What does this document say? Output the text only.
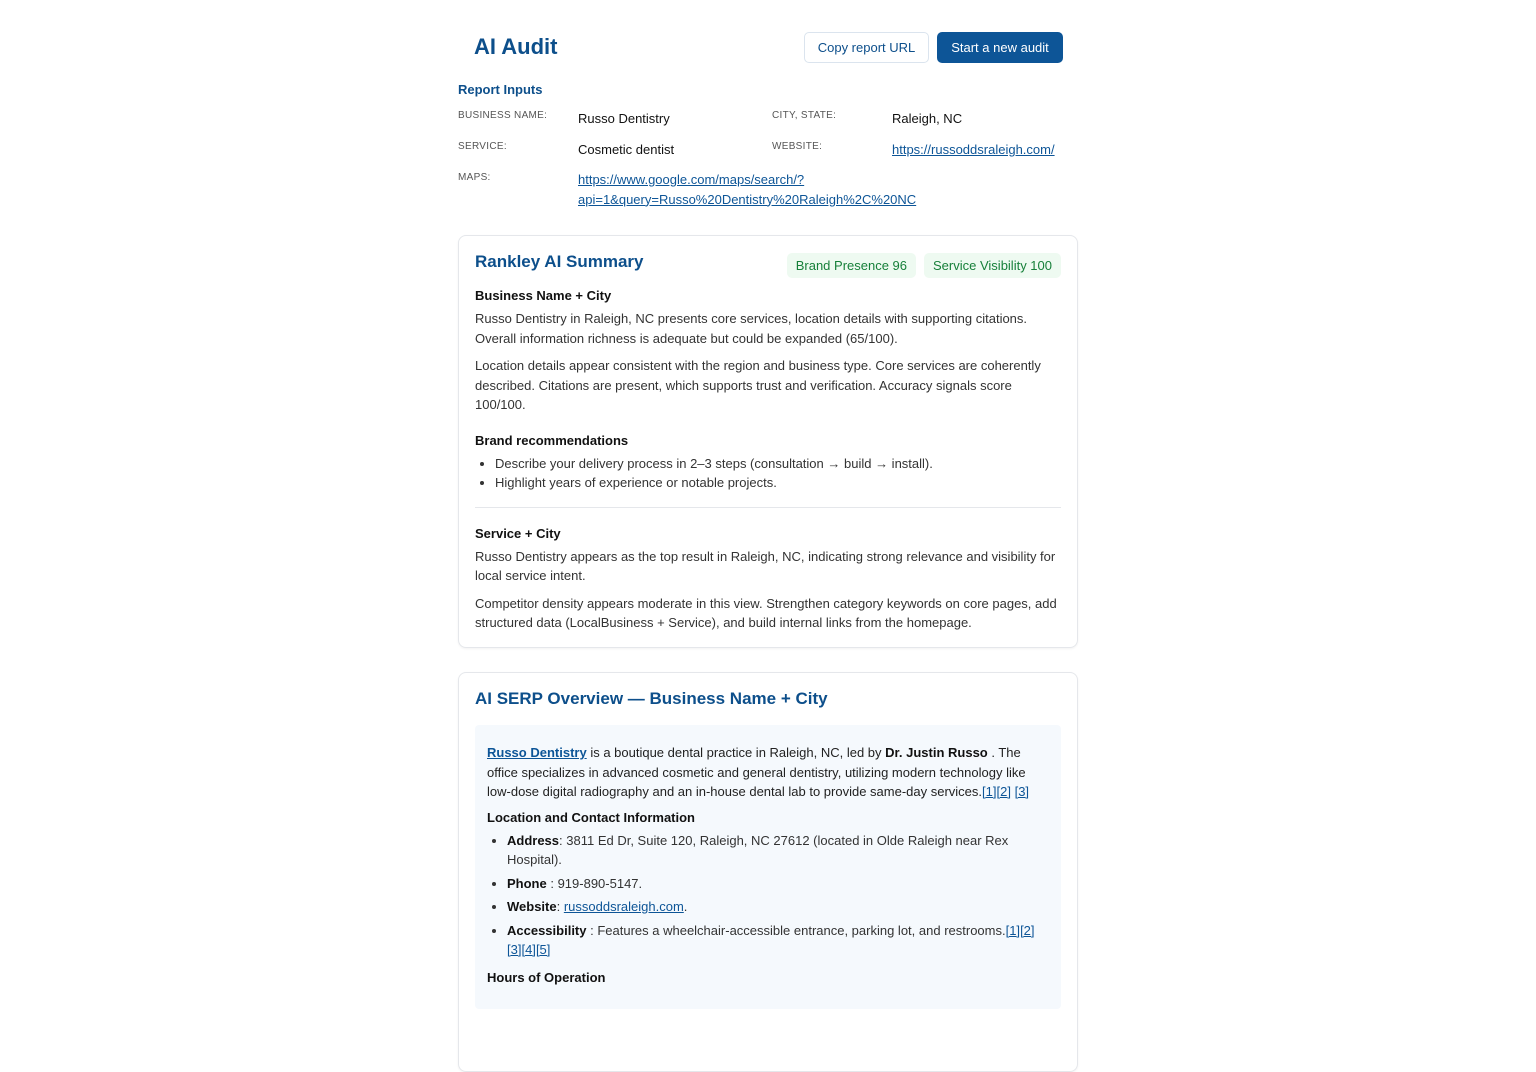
AI Audit	Copy report URL	Start a new audit
Report Inputs
BUSINESS NAME: Russo Dentistry	CITY, STATE:	Raleigh, NC
SERVICE:	Cosmetic dentist	WEBSITE:	https://russoddsraleigh.com/
MAPS:	https://www.google.com/maps/search/?
api=1&query=Russo%20Dentistry%20Raleigh%2C%20NC
Rankley AI Summary	Brand Presence 96	Service Visibility 100
Business Name + City

Russo Dentistry in Raleigh, NC presents core services, location details with supporting citations. Overall information richness is adequate but could be expanded (65/100).

Location details appear consistent with the region and business type. Core services are coherently described. Citations are present, which supports trust and verification. Accuracy signals score 100/100.

Brand recommendations
• Describe your delivery process in 2–3 steps (consultation → build → install).
• Highlight years of experience or notable projects.
Service + City

Russo Dentistry appears as the top result in Raleigh, NC, indicating strong relevance and visibility for local service intent.

Competitor density appears moderate in this view. Strengthen category keywords on core pages, add structured data (LocalBusiness + Service), and build internal links from the homepage.

AI SERP Overview — Business Name + City

Russo Dentistry is a boutique dental practice in Raleigh, NC, led by Dr. Justin Russo . The office specializes in advanced cosmetic and general dentistry, utilizing modern technology like low-dose digital radiography and an in-house dental lab to provide same-day services.[1][2] [3]

Location and Contact Information
• Address: 3811 Ed Dr, Suite 120, Raleigh, NC 27612 (located in Olde Raleigh near Rex Hospital).
• Phone : 919-890-5147.
• Website: russoddsraleigh.com.
• Accessibility : Features a wheelchair-accessible entrance, parking lot, and restrooms.[1][2] [3][4][5]
Hours of Operation
